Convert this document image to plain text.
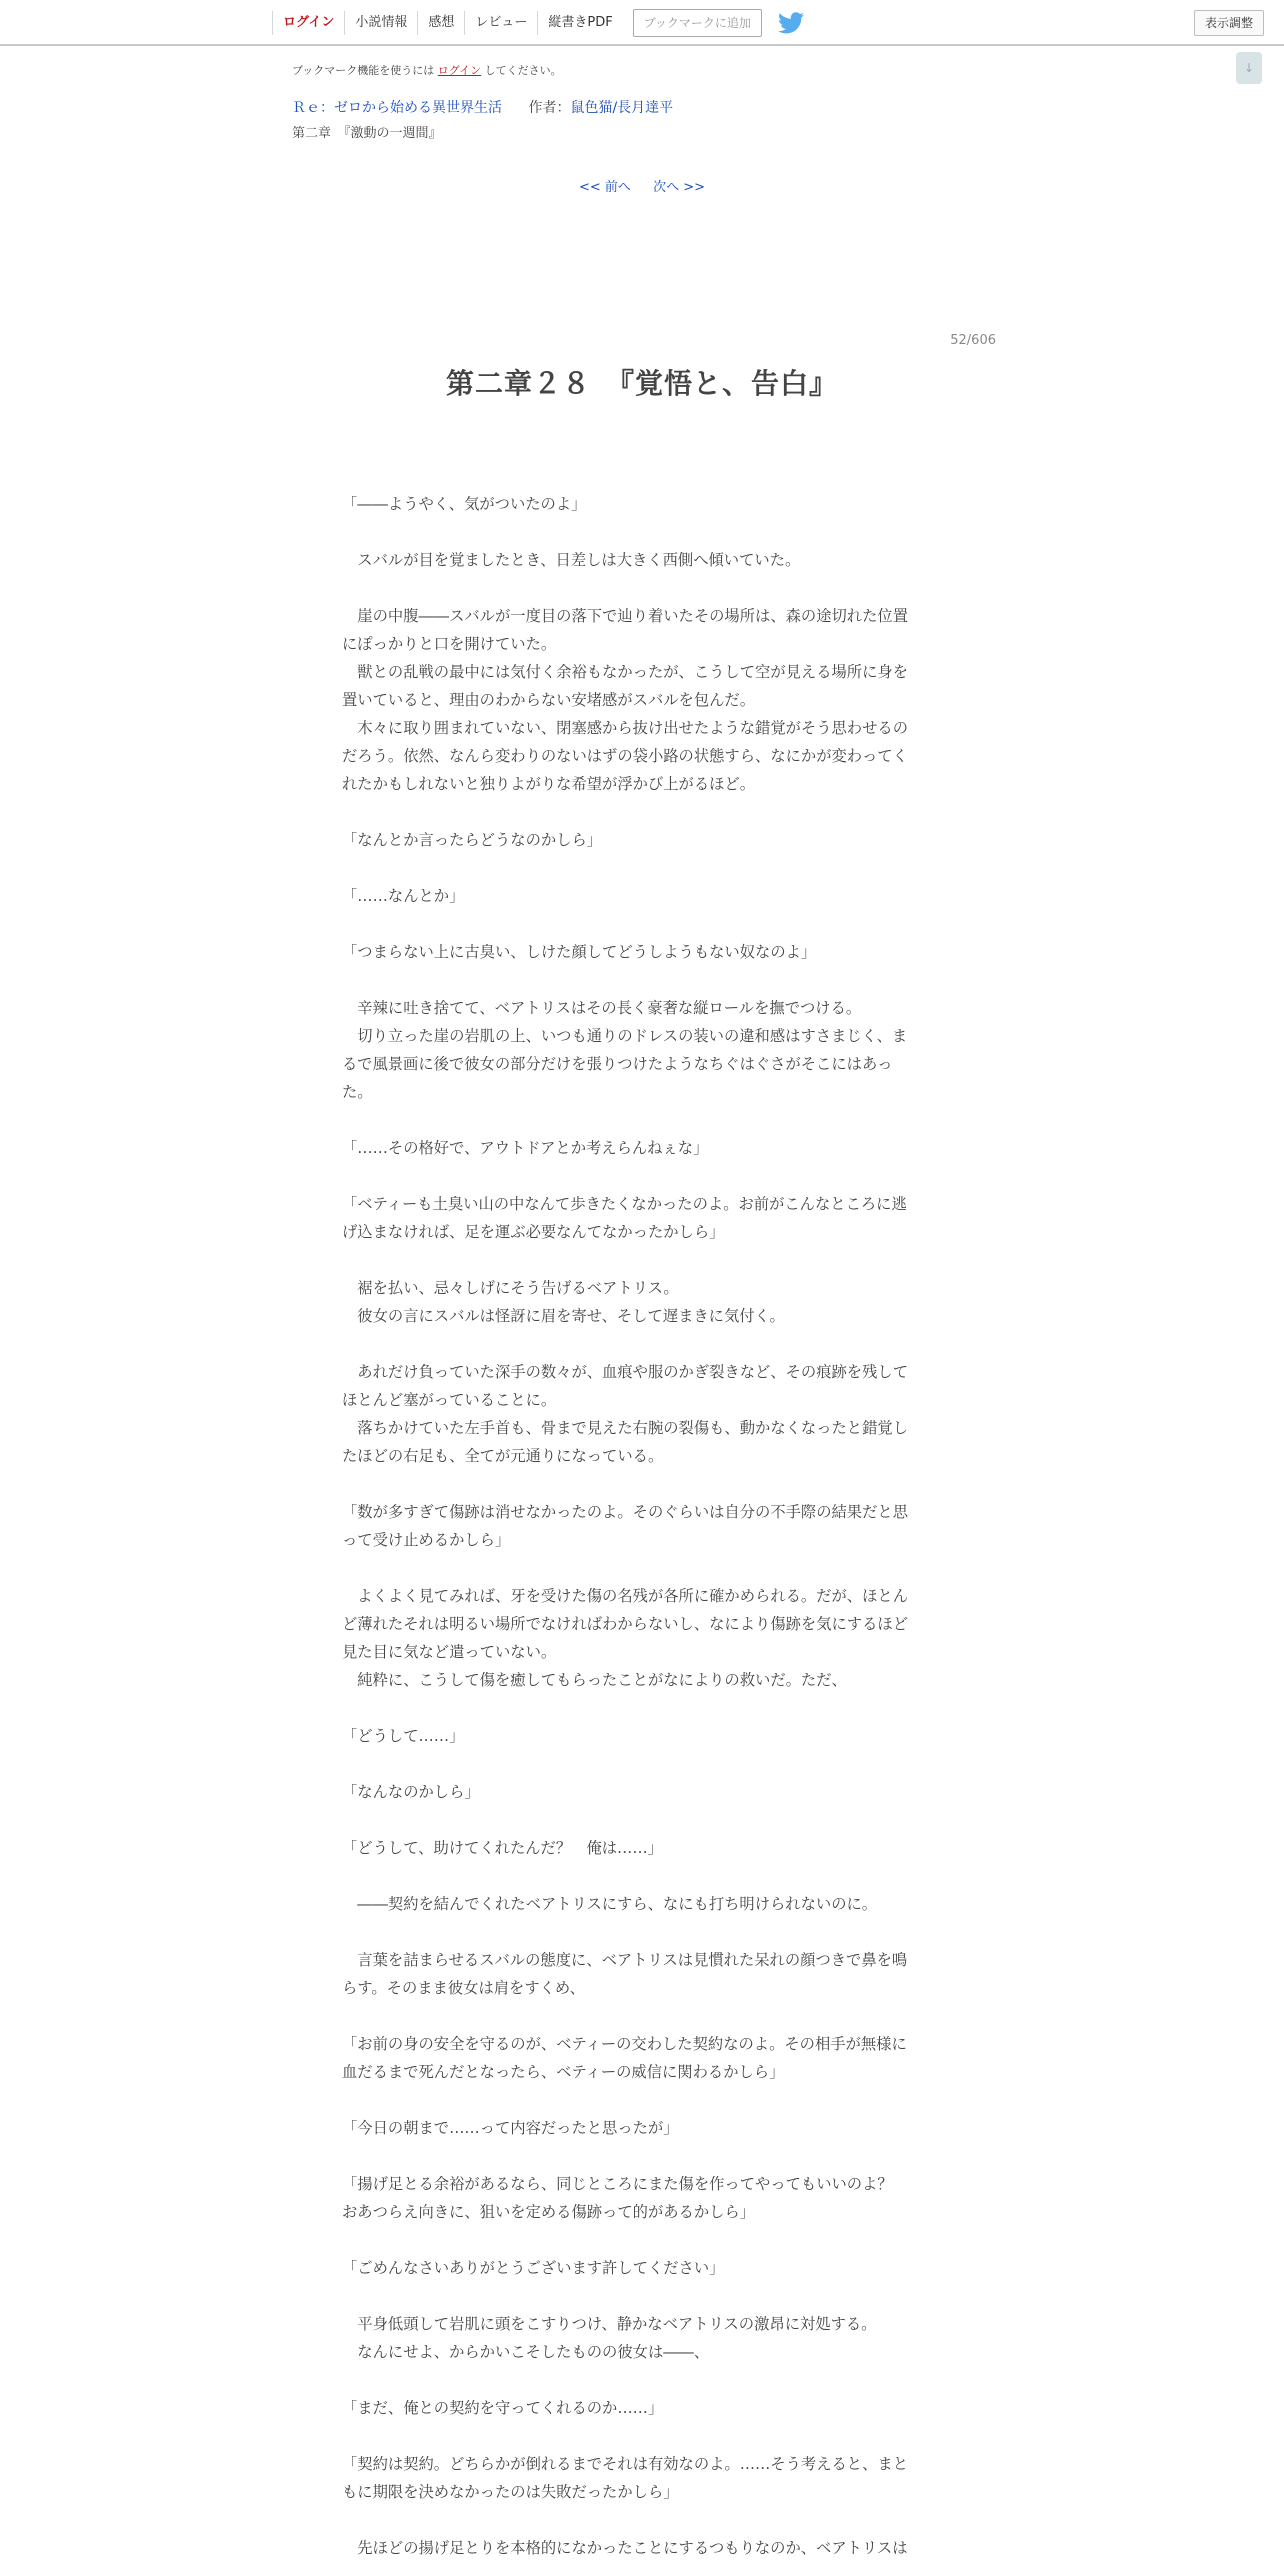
ログイン	小説情報	感想	レビュー	縦書きPDF	ブックマークに追加	表示調整
↓
ブックマーク機能を使うには ログイン してください。
Ｒｅ：ゼロから始める異世界生活 作者：鼠色猫/長月達平
第二章　『激動の一週間』
<< 前へ 次へ >>
52/606
第二章２８　『覚悟と、告白』
「――ようやく、気がついたのよ」
　スバルが目を覚ましたとき、日差しは大きく西側へ傾いていた。
　崖の中腹――スバルが一度目の落下で辿り着いたその場所は、森の途切れた位置
にぽっかりと口を開けていた。
　獣との乱戦の最中には気付く余裕もなかったが、こうして空が見える場所に身を
置いていると、理由のわからない安堵感がスバルを包んだ。
　木々に取り囲まれていない、閉塞感から抜け出せたような錯覚がそう思わせるの
だろう。依然、なんら変わりのないはずの袋小路の状態すら、なにかが変わってく
れたかもしれないと独りよがりな希望が浮かび上がるほど。
「なんとか言ったらどうなのかしら」
「……なんとか」
「つまらない上に古臭い、しけた顔してどうしようもない奴なのよ」
　辛辣に吐き捨てて、ベアトリスはその長く豪奢な縦ロールを撫でつける。
　切り立った崖の岩肌の上、いつも通りのドレスの装いの違和感はすさまじく、ま
るで風景画に後で彼女の部分だけを張りつけたようなちぐはぐさがそこにはあっ
た。
「……その格好で、アウトドアとか考えらんねぇな」
「ベティーも土臭い山の中なんて歩きたくなかったのよ。お前がこんなところに逃
げ込まなければ、足を運ぶ必要なんてなかったかしら」
　裾を払い、忌々しげにそう告げるベアトリス。
　彼女の言にスバルは怪訝に眉を寄せ、そして遅まきに気付く。
　あれだけ負っていた深手の数々が、血痕や服のかぎ裂きなど、その痕跡を残して
ほとんど塞がっていることに。
　落ちかけていた左手首も、骨まで見えた右腕の裂傷も、動かなくなったと錯覚し
たほどの右足も、全てが元通りになっている。
「数が多すぎて傷跡は消せなかったのよ。そのぐらいは自分の不手際の結果だと思
って受け止めるかしら」
　よくよく見てみれば、牙を受けた傷の名残が各所に確かめられる。だが、ほとん
ど薄れたそれは明るい場所でなければわからないし、なにより傷跡を気にするほど
見た目に気など遣っていない。
　純粋に、こうして傷を癒してもらったことがなによりの救いだ。ただ、
「どうして……」
「なんなのかしら」
「どうして、助けてくれたんだ？　俺は……」
　――契約を結んでくれたベアトリスにすら、なにも打ち明けられないのに。
　言葉を詰まらせるスバルの態度に、ベアトリスは見慣れた呆れの顔つきで鼻を鳴
らす。そのまま彼女は肩をすくめ、
「お前の身の安全を守るのが、ベティーの交わした契約なのよ。その相手が無様に
血だるまで死んだとなったら、ベティーの威信に関わるかしら」
「今日の朝まで……って内容だったと思ったが」
「揚げ足とる余裕があるなら、同じところにまた傷を作ってやってもいいのよ？
おあつらえ向きに、狙いを定める傷跡って的があるかしら」
「ごめんなさいありがとうございます許してください」
　平身低頭して岩肌に頭をこすりつけ、静かなベアトリスの激昂に対処する。
　なんにせよ、からかいこそしたものの彼女は――、
「まだ、俺との契約を守ってくれるのか……」
「契約は契約。どちらかが倒れるまでそれは有効なのよ。……そう考えると、まと
もに期限を決めなかったのは失敗だったかしら」
　先ほどの揚げ足とりを本格的になかったことにするつもりなのか、ベアトリスは
